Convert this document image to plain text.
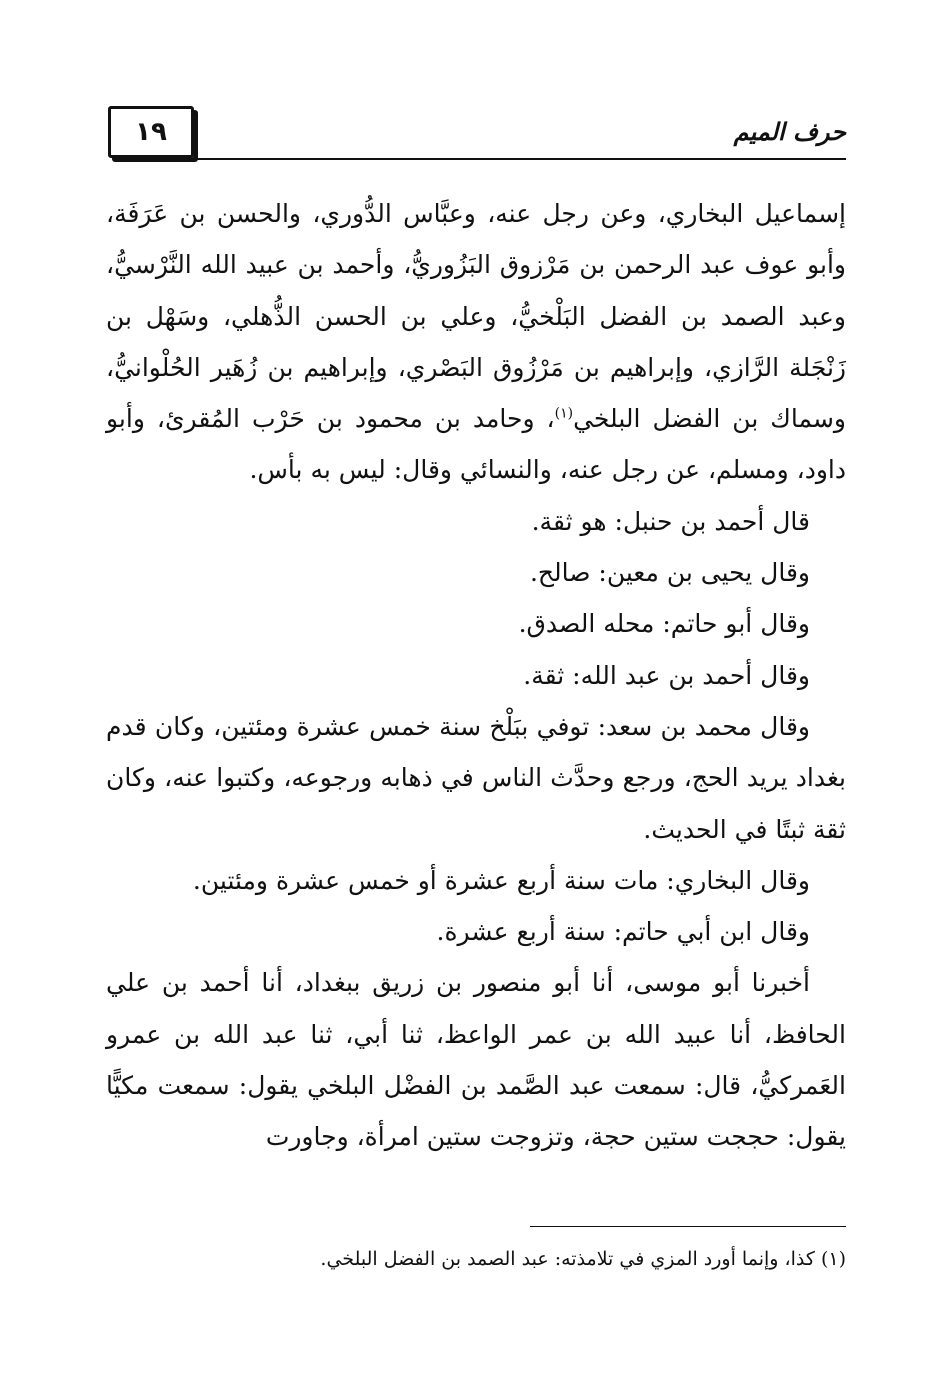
١٩	حرف الميم

إسماعيل البخاري، وعن رجل عنه، وعبَّاس الدُّوري، والحسن بن عَرَفَة، وأبو عوف عبد الرحمن بن مَرْزوق البَزُوريُّ، وأحمد بن عبيد الله النَّرْسيُّ، وعبد الصمد بن الفضل البَلْخيُّ، وعلي بن الحسن الذُّهلي، وسَهْل بن زَنْجَلة الرَّازي، وإبراهيم بن مَرْزُوق البَصْري، وإبراهيم بن زُهَير الحُلْوانيُّ، وسماك بن الفضل البلخي$^{(١)}$، وحامد بن محمود بن حَرْب المُقرئ، وأبو داود، ومسلم، عن رجل عنه، والنسائي وقال: ليس به بأس.

قال أحمد بن حنبل: هو ثقة.

وقال يحيى بن معين: صالح.

وقال أبو حاتم: محله الصدق.

وقال أحمد بن عبد الله: ثقة.

وقال محمد بن سعد: توفي ببَلْخ سنة خمس عشرة ومئتين، وكان قدم بغداد يريد الحج، ورجع وحدَّث الناس في ذهابه ورجوعه، وكتبوا عنه، وكان ثقة ثبتًا في الحديث.

وقال البخاري: مات سنة أربع عشرة أو خمس عشرة ومئتين.

وقال ابن أبي حاتم: سنة أربع عشرة.

أخبرنا أبو موسى، أنا أبو منصور بن زريق ببغداد، أنا أحمد بن علي الحافظ، أنا عبيد الله بن عمر الواعظ، ثنا أبي، ثنا عبد الله بن عمرو العَمركيُّ، قال: سمعت عبد الصَّمد بن الفضْل البلخي يقول: سمعت مكيًّا يقول: حججت ستين حجة، وتزوجت ستين امرأة، وجاورت

(١) كذا، وإنما أورد المزي في تلامذته: عبد الصمد بن الفضل البلخي.
